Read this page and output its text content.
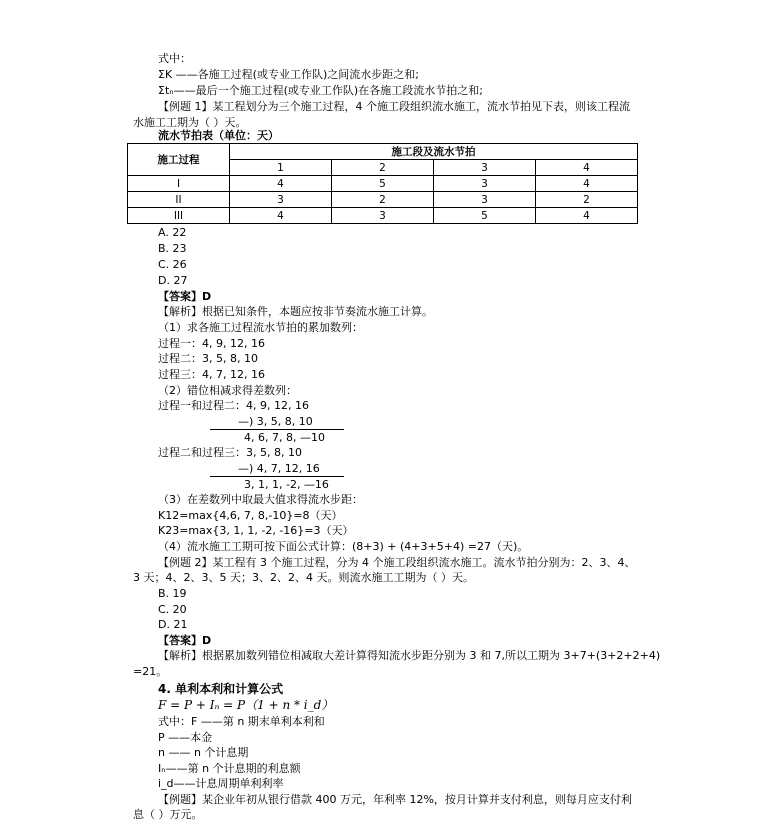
式中：
ΣK ——各施工过程(或专业工作队)之间流水步距之和;
Σtₙ——最后一个施工过程(或专业工作队)在各施工段流水节拍之和;
【例题 1】某工程划分为三个施工过程，4 个施工段组织流水施工，流水节拍见下表，则该工程流
水施工工期为（ ）天。
流水节拍表（单位：天）
施工过程	施工段及流水节拍			
	1	2	3	4
I	4	5	3	4
II	3	2	3	2
III	4	3	5	4
A. 22
B. 23
C. 26
D. 27
【答案】D
【解析】根据已知条件，本题应按非节奏流水施工计算。
（1）求各施工过程流水节拍的累加数列：
过程一：4, 9, 12, 16
过程二：3, 5, 8, 10
过程三：4, 7, 12, 16
（2）错位相减求得差数列：
过程一和过程二：4, 9, 12, 16
—) 3, 5, 8, 10
4, 6, 7, 8, —10
过程二和过程三：3, 5, 8, 10
—) 4, 7, 12, 16
3, 1, 1, -2, —16
（3）在差数列中取最大值求得流水步距：
K12=max{4,6, 7, 8,-10}=8（天）
K23=max{3, 1, 1, -2, -16}=3（天）
（4）流水施工工期可按下面公式计算：(8+3) + (4+3+5+4) =27（天)。
【例题 2】某工程有 3 个施工过程，分为 4 个施工段组织流水施工。流水节拍分别为：2、3、4、
3 天；4、2、3、5 天；3、2、2、4 天。则流水施工工期为（ ）天。
B. 19
C. 20
D. 21
【答案】D
【解析】根据累加数列错位相减取大差计算得知流水步距分别为 3 和 7,所以工期为 3+7+(3+2+2+4)
=21。
4. 单利本利和计算公式
F = P + Iₙ = P（1 + n * i_d）
式中：F ——第 n 期末单利本利和
P ——本金
n —— n 个计息期
Iₙ——第 n 个计息期的利息额
i_d——计息周期单利利率
【例题】某企业年初从银行借款 400 万元，年利率 12%，按月计算并支付利息，则每月应支付利
息（ ）万元。
